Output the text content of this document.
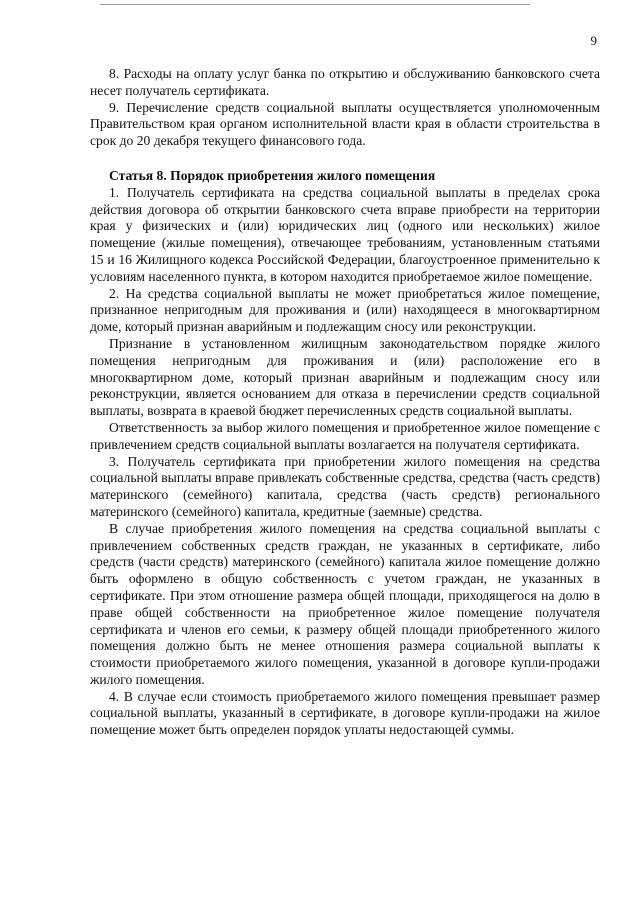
9

8. Расходы на оплату услуг банка по открытию и обслуживанию банковского счета несет получатель сертификата.

9. Перечисление средств социальной выплаты осуществляется уполномоченным Правительством края органом исполнительной власти края в области строительства в срок до 20 декабря текущего финансового года.

Статья 8. Порядок приобретения жилого помещения

1. Получатель сертификата на средства социальной выплаты в пределах срока действия договора об открытии банковского счета вправе приобрести на территории края у физических и (или) юридических лиц (одного или нескольких) жилое помещение (жилые помещения), отвечающее требованиям, установленным статьями 15 и 16 Жилищного кодекса Российской Федерации, благоустроенное применительно к условиям населенного пункта, в котором находится приобретаемое жилое помещение.

2. На средства социальной выплаты не может приобретаться жилое помещение, признанное непригодным для проживания и (или) находящееся в многоквартирном доме, который признан аварийным и подлежащим сносу или реконструкции.

Признание в установленном жилищным законодательством порядке жилого помещения непригодным для проживания и (или) расположение его в многоквартирном доме, который признан аварийным и подлежащим сносу или реконструкции, является основанием для отказа в перечислении средств социальной выплаты, возврата в краевой бюджет перечисленных средств социальной выплаты.

Ответственность за выбор жилого помещения и приобретенное жилое помещение с привлечением средств социальной выплаты возлагается на получателя сертификата.

3. Получатель сертификата при приобретении жилого помещения на средства социальной выплаты вправе привлекать собственные средства, средства (часть средств) материнского (семейного) капитала, средства (часть средств) регионального материнского (семейного) капитала, кредитные (заемные) средства.

В случае приобретения жилого помещения на средства социальной выплаты с привлечением собственных средств граждан, не указанных в сертификате, либо средств (части средств) материнского (семейного) капитала жилое помещение должно быть оформлено в общую собственность с учетом граждан, не указанных в сертификате. При этом отношение размера общей площади, приходящегося на долю в праве общей собственности на приобретенное жилое помещение получателя сертификата и членов его семьи, к размеру общей площади приобретенного жилого помещения должно быть не менее отношения размера социальной выплаты к стоимости приобретаемого жилого помещения, указанной в договоре купли-продажи жилого помещения.

4. В случае если стоимость приобретаемого жилого помещения превышает размер социальной выплаты, указанный в сертификате, в договоре купли-продажи на жилое помещение может быть определен порядок уплаты недостающей суммы.
